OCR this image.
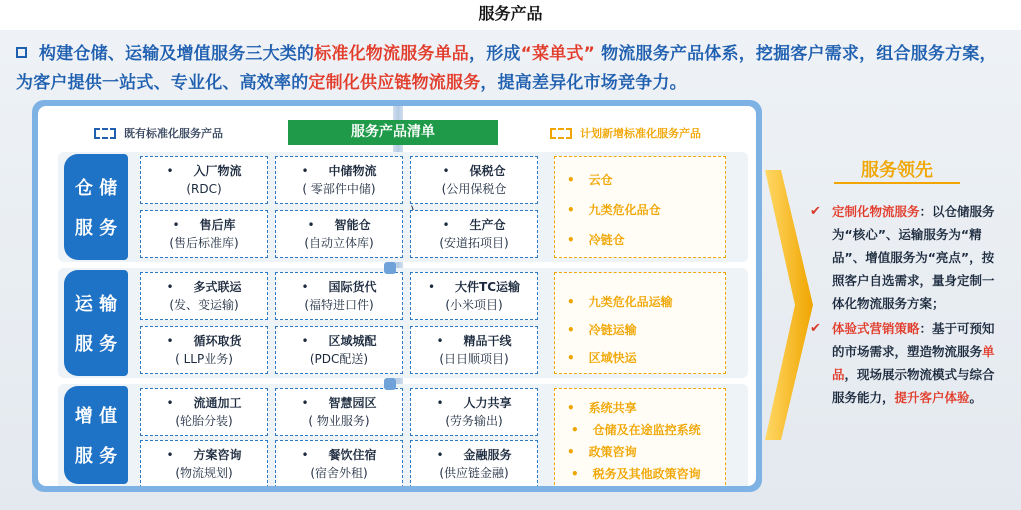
服务产品
构建仓储、运输及增值服务三大类的标准化物流服务单品，形成“菜单式” 物流服务产品体系，挖掘客户需求，组合服务方案，为客户提供一站式、专业化、高效率的定制化供应链物流服务，提高差异化市场竞争力。
既有标准化服务产品	服务产品清单	计划新增标准化服务产品
仓 储
服 务
• 入厂物流
(RDC)
• 中储物流
( 零部件中储)
• 保税仓
(公用保税仓
• 售后库
(售后标准库)
• 智能仓
(自动立体库)
• 生产仓
(安道拓项目)
• 云仓
• 九类危化品仓
• 冷链仓
运 输
服 务
• 多式联运
(发、变运输)
• 国际货代
(福特进口件)
• 大件TC运输
(小米项目)
• 循环取货
( LLP业务)
• 区域城配
(PDC配送)
• 精品干线
(日日顺项目)
• 九类危化品运输
• 冷链运输
• 区域快运
增 值
服 务
• 流通加工
(轮胎分装)
• 智慧园区
( 物业服务)
• 人力共享
(劳务输出)
• 方案咨询
(物流规划)
• 餐饮住宿
(宿舍外租)
• 金融服务
(供应链金融)
• 系统共享
• 仓储及在途监控系统
• 政策咨询
• 税务及其他政策咨询
服务领先
✔ 定制化物流服务：以仓储服务为“核心”、运输服务为“精品”、增值服务为“亮点”，按照客户自选需求，量身定制一体化物流服务方案；
✔ 体验式营销策略：基于可预知的市场需求，塑造物流服务单品，现场展示物流模式与综合服务能力，提升客户体验。
